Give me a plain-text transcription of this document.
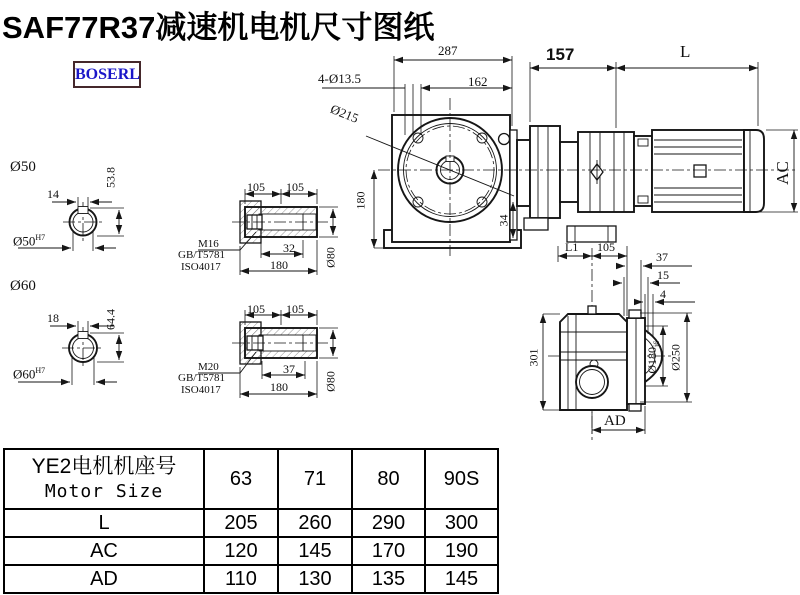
SAF77R37减速机电机尺寸图纸
BOSERL
287
162
157	L
4-Ø13.5
Ø215
180
34
AC
Ø50
14
53.8
$Ø50^{H7}$
Ø60
18	64.4
$Ø60^{H7}$
105 105
M16
GB/T5781
ISO4017
32
180	Ø80
105 105
M20
GB/T5781
ISO4017
37
180	Ø80
L1 105
37
15
4
301	$Ø180_{j6}$
Ø250
AD
YE2电机机座号
Motor Size	63	71	80	90S
L	205	260	290	300
AC	120	145	170	190
AD	110	130	135	145
